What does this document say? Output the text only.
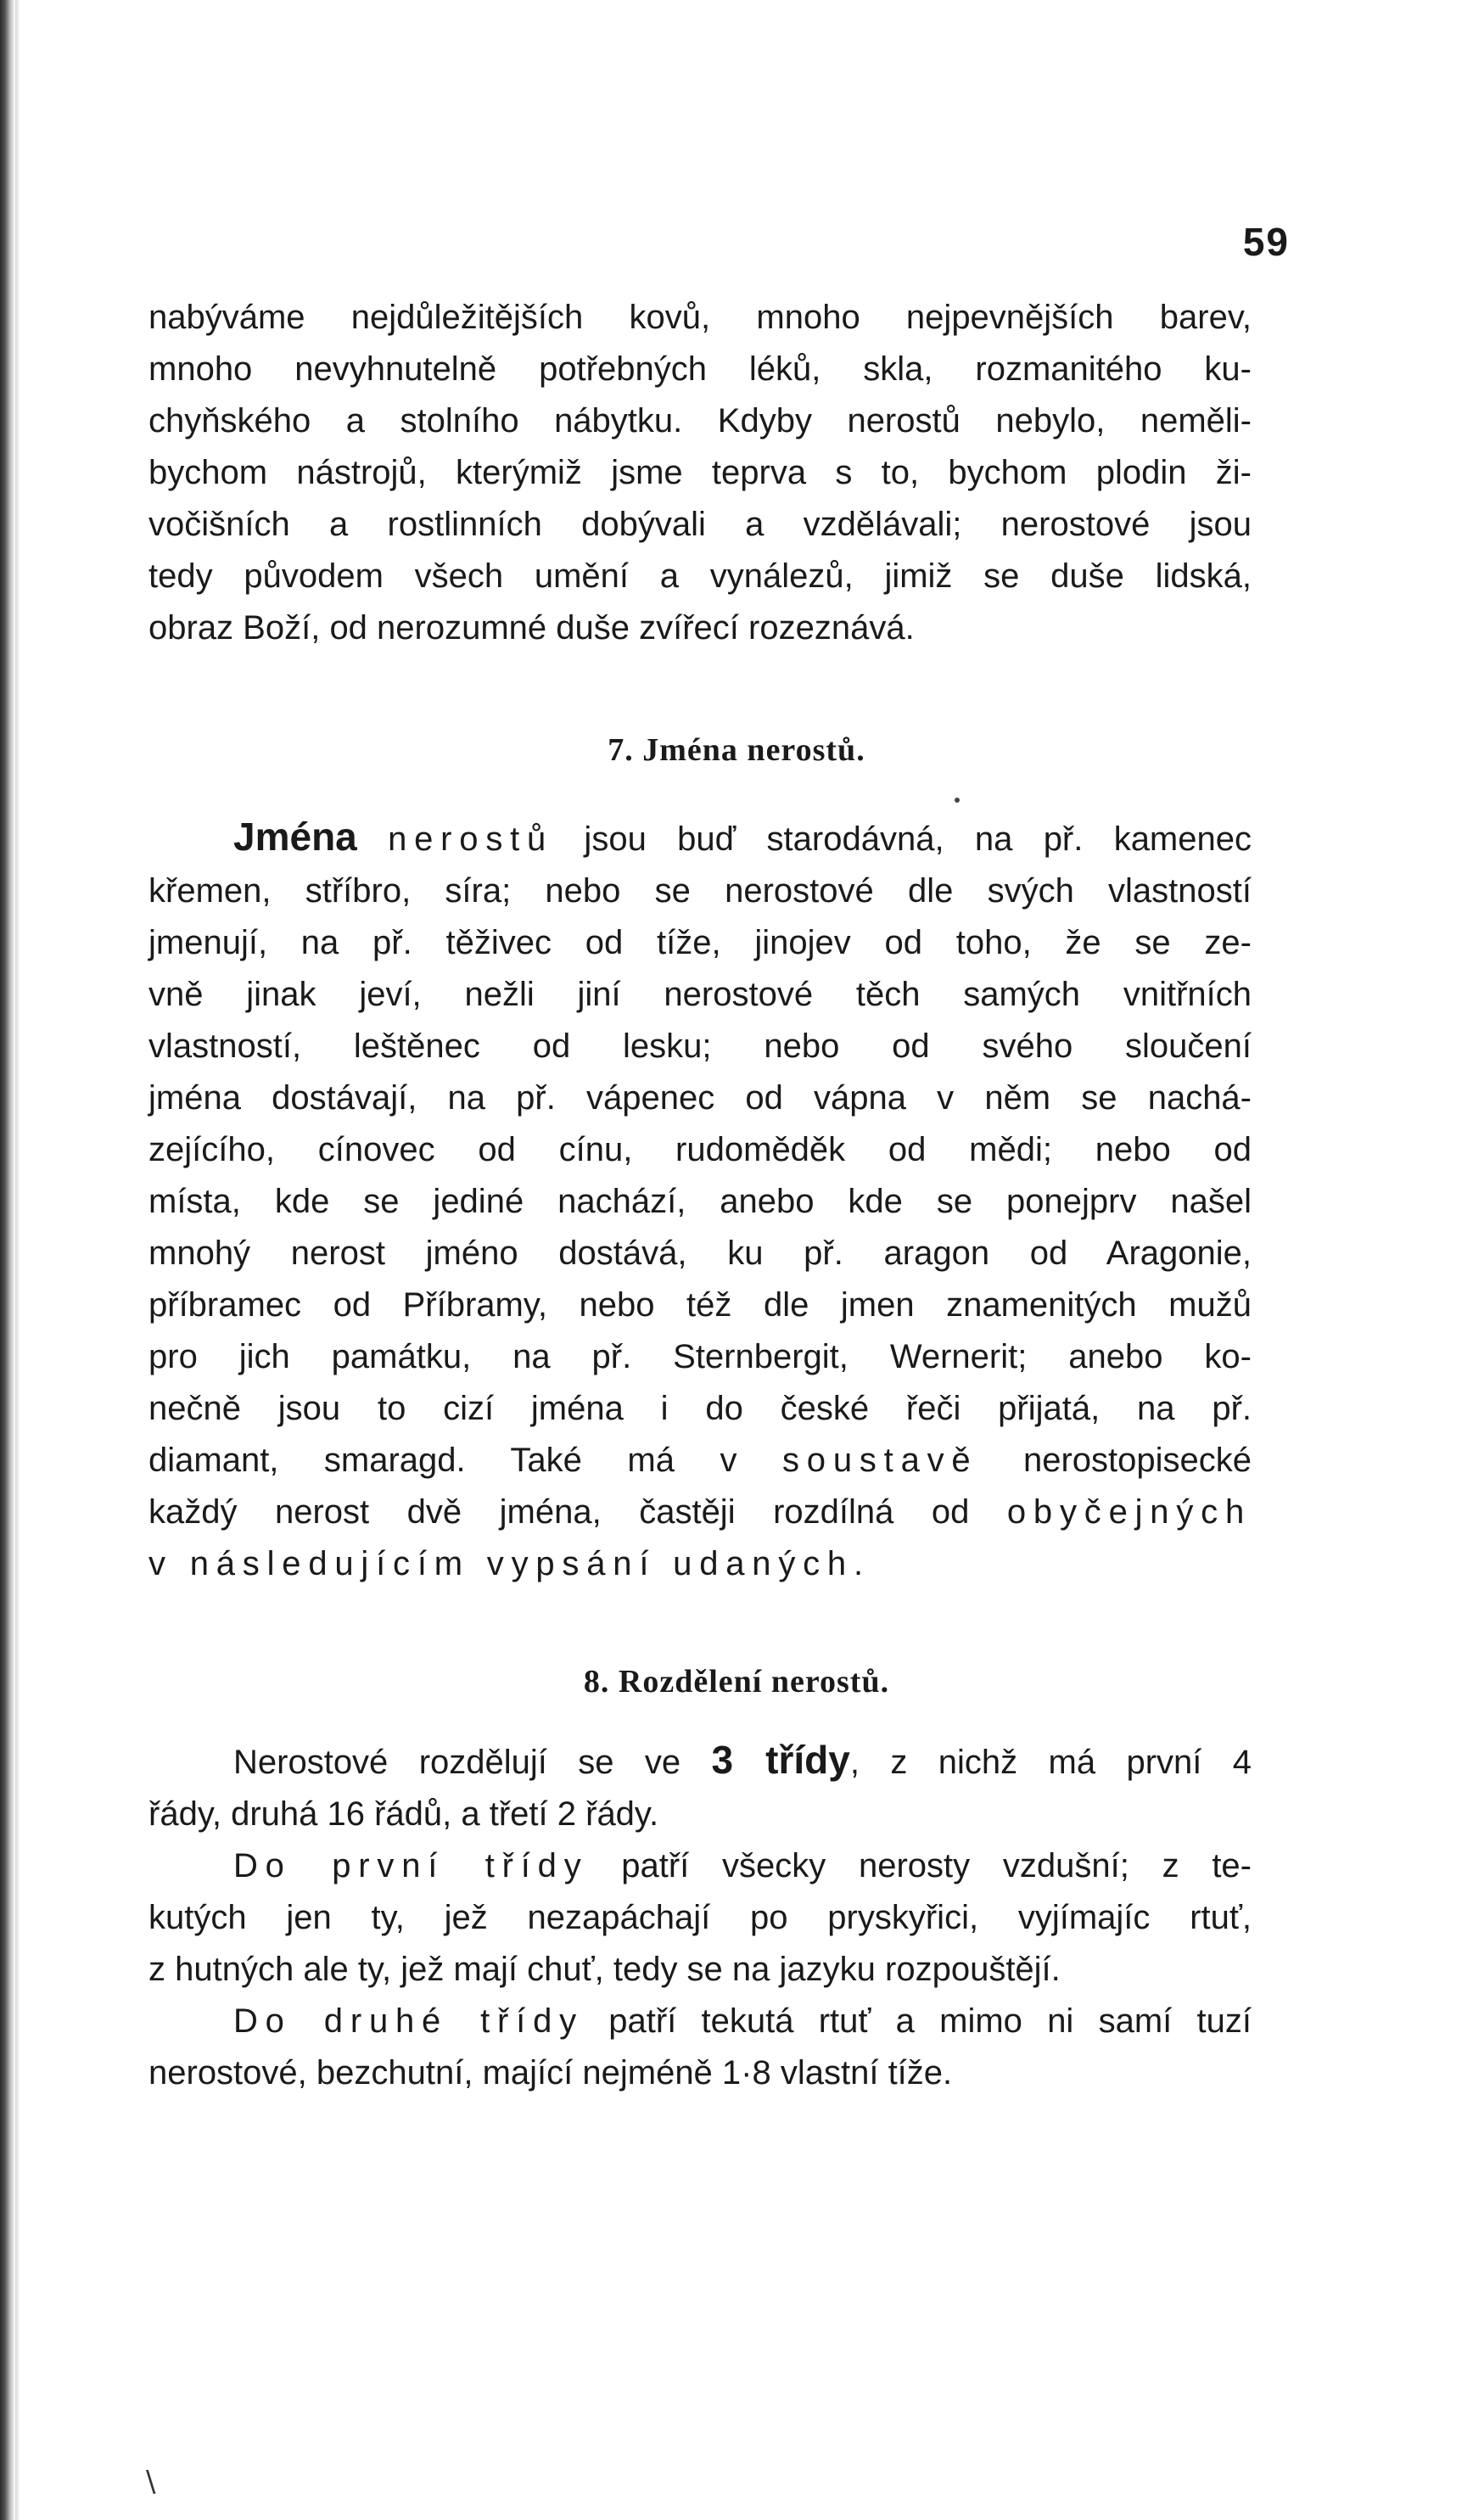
59
nabýváme nejdůležitějších kovů, mnoho nejpevnějších barev,
mnoho nevyhnutelně potřebných léků, skla, rozmanitého ku-
chyňského a stolního nábytku. Kdyby nerostů nebylo, neměli-
bychom nástrojů, kterýmiž jsme teprva s to, bychom plodin ži-
vočišních a rostlinních dobývali a vzdělávali; nerostové jsou
tedy původem všech umění a vynálezů, jimiž se duše lidská,
obraz Boží, od nerozumné duše zvířecí rozeznává.
7. Jména nerostů.
Jména nerostů jsou buď starodávná, na př. kamenec
křemen, stříbro, síra; nebo se nerostové dle svých vlastností
jmenují, na př. těživec od tíže, jinojev od toho, že se ze-
vně jinak jeví, nežli jiní nerostové těch samých vnitřních
vlastností, leštěnec od lesku; nebo od svého sloučení
jména dostávají, na př. vápenec od vápna v něm se nachá-
zejícího, cínovec od cínu, rudoměděk od mědi; nebo od
místa, kde se jediné nachází, anebo kde se ponejprv našel
mnohý nerost jméno dostává, ku př. aragon od Aragonie,
příbramec od Příbramy, nebo též dle jmen znamenitých mužů
pro jich památku, na př. Sternbergit, Wernerit; anebo ko-
nečně jsou to cizí jména i do české řeči přijatá, na př.
diamant, smaragd. Také má v soustavě nerostopisecké
každý nerost dvě jména, častěji rozdílná od obyčejných
v následujícím vypsání udaných.
8. Rozdělení nerostů.
Nerostové rozdělují se ve 3 třídy, z nichž má první 4
řády, druhá 16 řádů, a třetí 2 řády.
Do první třídy patří všecky nerosty vzdušní; z te-
kutých jen ty, jež nezapáchají po pryskyřici, vyjímajíc rtuť,
z hutných ale ty, jež mají chuť, tedy se na jazyku rozpouštějí.
Do druhé třídy patří tekutá rtuť a mimo ni samí tuzí
nerostové, bezchutní, mající nejméně 1·8 vlastní tíže.
\
